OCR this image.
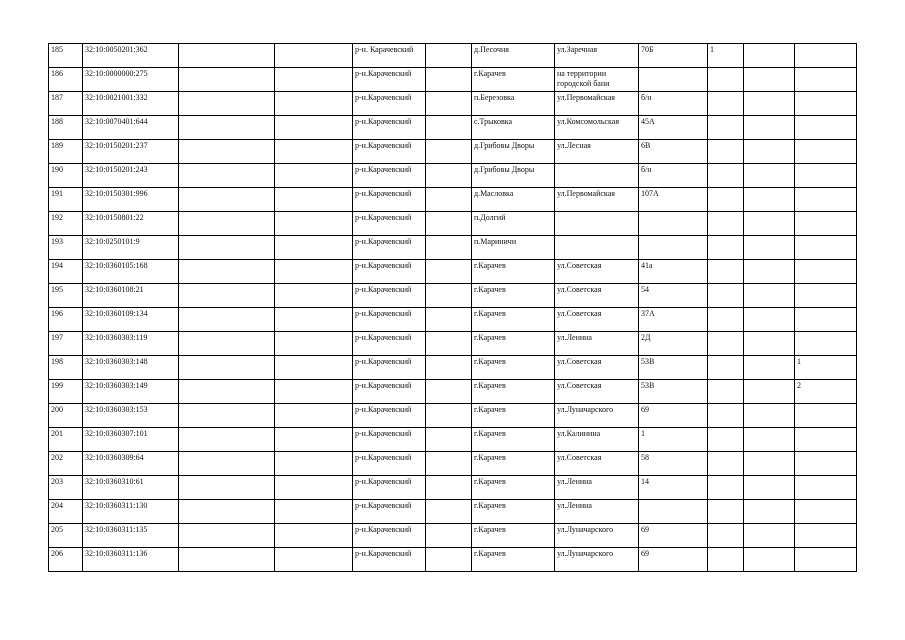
185	32:10:0050201:362			р-н. Карачевский		д.Песочня	ул.Заречная	70Б	1		
186	32:10:0000000:275			р-н.Карачевский		г.Карачев	на территории городской бани				
187	32:10:0021001:332			р-н.Карачевский		п.Березовка	ул.Первомайская	б/н			
188	32:10:0070401:644			р-н.Карачевский		с.Трыковка	ул.Комсомольская	45А			
189	32:10:0150201:237			р-н.Карачевский		д.Грибовы Дворы	ул.Лесная	6В			
190	32:10:0150201:243			р-н.Карачевский		д.Грибовы Дворы		б/н			
191	32:10:0150301:996			р-н.Карачевский		д.Масловка	ул.Первомайская	107А			
192	32:10:0150801:22			р-н.Карачевский		п.Долгий					
193	32:10:0250101:9			р-н.Карачевский		п.Мариничи					
194	32:10:0360105:168			р-н.Карачевский		г.Карачев	ул.Советская	41а			
195	32:10:0360108:21			р-н.Карачевский		г.Карачев	ул.Советская	54			
196	32:10:0360109:134			р-н.Карачевский		г.Карачев	ул.Советская	37А			
197	32:10:0360303:119			р-н.Карачевский		г.Карачев	ул.Ленина	2Д			
198	32:10:0360303:148			р-н.Карачевский		г.Карачев	ул.Советская	53В			1
199	32:10:0360303:149			р-н.Карачевский		г.Карачев	ул.Советская	53В			2
200	32:10:0360303:153			р-н.Карачевский		г.Карачев	ул.Луначарского	69			
201	32:10:0360307:101			р-н.Карачевский		г.Карачев	ул.Калинина	1			
202	32:10:0360309:64			р-н.Карачевский		г.Карачев	ул.Советская	58			
203	32:10:0360310:61			р-н.Карачевский		г.Карачев	ул.Ленина	14			
204	32:10:0360311:130			р-н.Карачевский		г.Карачев	ул.Ленина				
205	32:10:0360311:135			р-н.Карачевский		г.Карачев	ул.Луначарского	69			
206	32:10:0360311:136			р-н.Карачевский		г.Карачев	ул.Луначарского	69			
